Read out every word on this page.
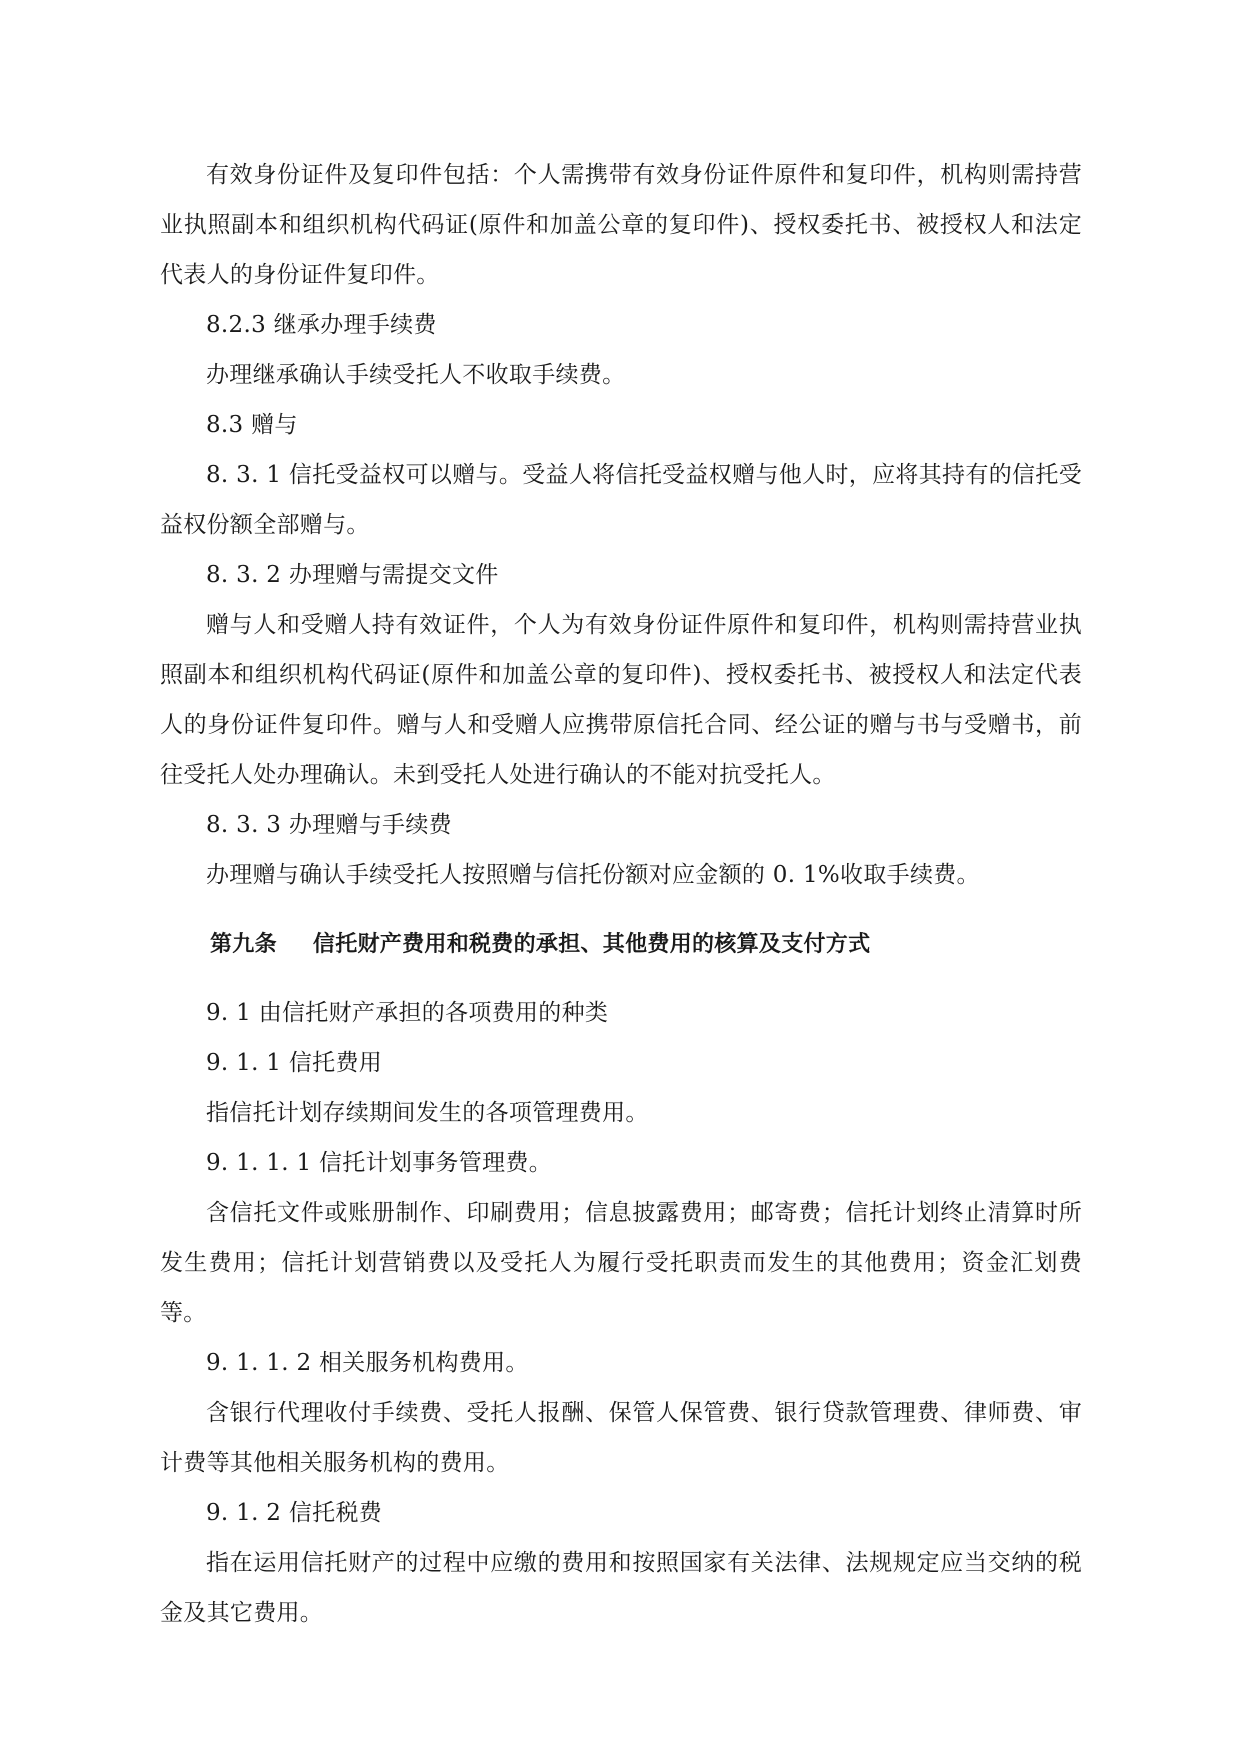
有效身份证件及复印件包括：个人需携带有效身份证件原件和复印件，机构则需持营业执照副本和组织机构代码证(原件和加盖公章的复印件)、授权委托书、被授权人和法定代表人的身份证件复印件。

8.2.3 继承办理手续费

办理继承确认手续受托人不收取手续费。

8.3 赠与

8. 3. 1 信托受益权可以赠与。受益人将信托受益权赠与他人时，应将其持有的信托受益权份额全部赠与。

8. 3. 2 办理赠与需提交文件

赠与人和受赠人持有效证件，个人为有效身份证件原件和复印件，机构则需持营业执照副本和组织机构代码证(原件和加盖公章的复印件)、授权委托书、被授权人和法定代表人的身份证件复印件。赠与人和受赠人应携带原信托合同、经公证的赠与书与受赠书，前往受托人处办理确认。未到受托人处进行确认的不能对抗受托人。

8. 3. 3 办理赠与手续费

办理赠与确认手续受托人按照赠与信托份额对应金额的 0. 1%收取手续费。

第九条 信托财产费用和税费的承担、其他费用的核算及支付方式

9. 1 由信托财产承担的各项费用的种类

9. 1. 1 信托费用

指信托计划存续期间发生的各项管理费用。

9. 1. 1. 1 信托计划事务管理费。

含信托文件或账册制作、印刷费用；信息披露费用；邮寄费；信托计划终止清算时所发生费用；信托计划营销费以及受托人为履行受托职责而发生的其他费用；资金汇划费等。

9. 1. 1. 2 相关服务机构费用。

含银行代理收付手续费、受托人报酬、保管人保管费、银行贷款管理费、律师费、审计费等其他相关服务机构的费用。

9. 1. 2 信托税费

指在运用信托财产的过程中应缴的费用和按照国家有关法律、法规规定应当交纳的税金及其它费用。
